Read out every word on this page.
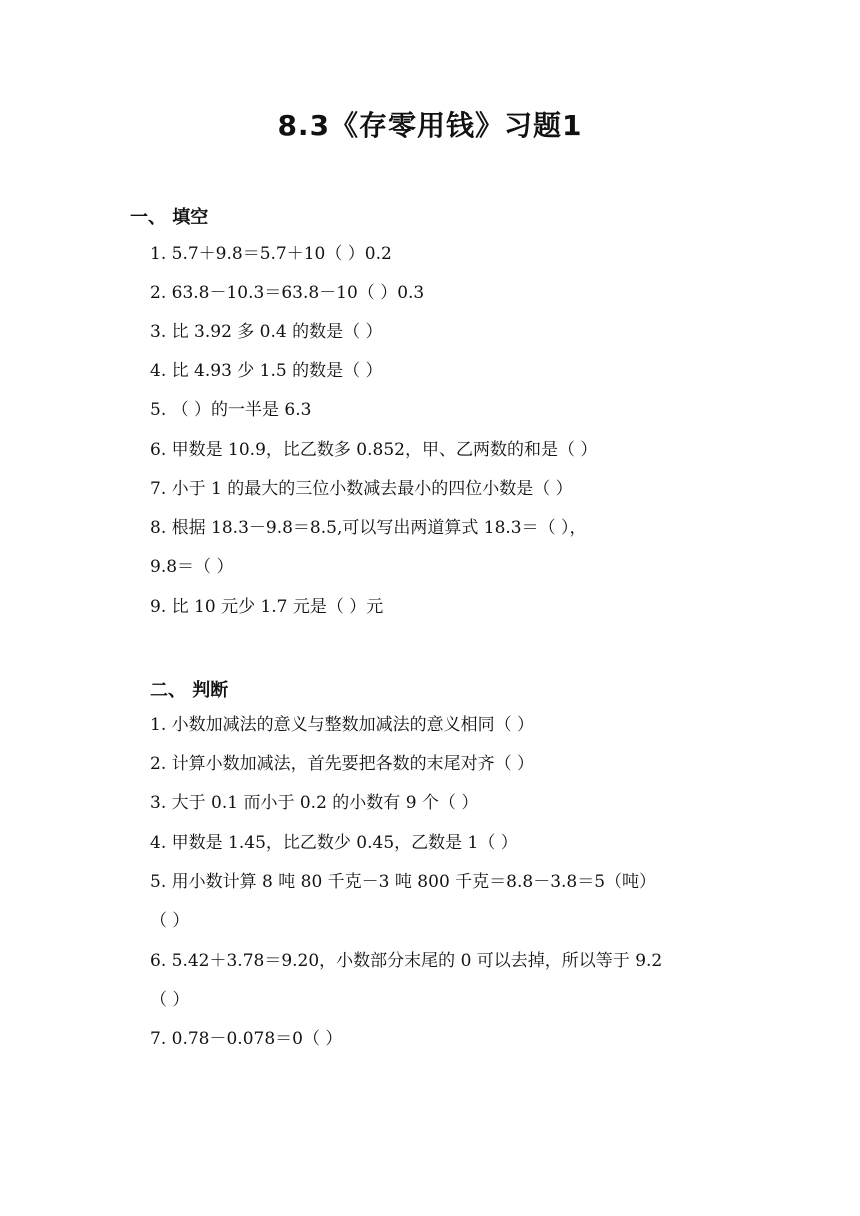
8.3《存零用钱》习题1
一、 填空
1. 5.7＋9.8＝5.7＋10（ ）0.2
2. 63.8－10.3＝63.8－10（ ）0.3
3. 比 3.92 多 0.4 的数是（ ）
4. 比 4.93 少 1.5 的数是（ ）
5. （ ）的一半是 6.3
6. 甲数是 10.9，比乙数多 0.852，甲、乙两数的和是（ ）
7. 小于 1 的最大的三位小数减去最小的四位小数是（ ）
8. 根据 18.3－9.8＝8.5,可以写出两道算式 18.3＝（ ），
9.8＝（ ）
9. 比 10 元少 1.7 元是（ ）元
二、 判断
1. 小数加减法的意义与整数加减法的意义相同（ ）
2. 计算小数加减法，首先要把各数的末尾对齐（ ）
3. 大于 0.1 而小于 0.2 的小数有 9 个（ ）
4. 甲数是 1.45，比乙数少 0.45，乙数是 1（ ）
5. 用小数计算 8 吨 80 千克－3 吨 800 千克＝8.8－3.8＝5（吨）
（ ）
6. 5.42＋3.78＝9.20，小数部分末尾的 0 可以去掉，所以等于 9.2
（ ）
7. 0.78－0.078＝0（ ）
